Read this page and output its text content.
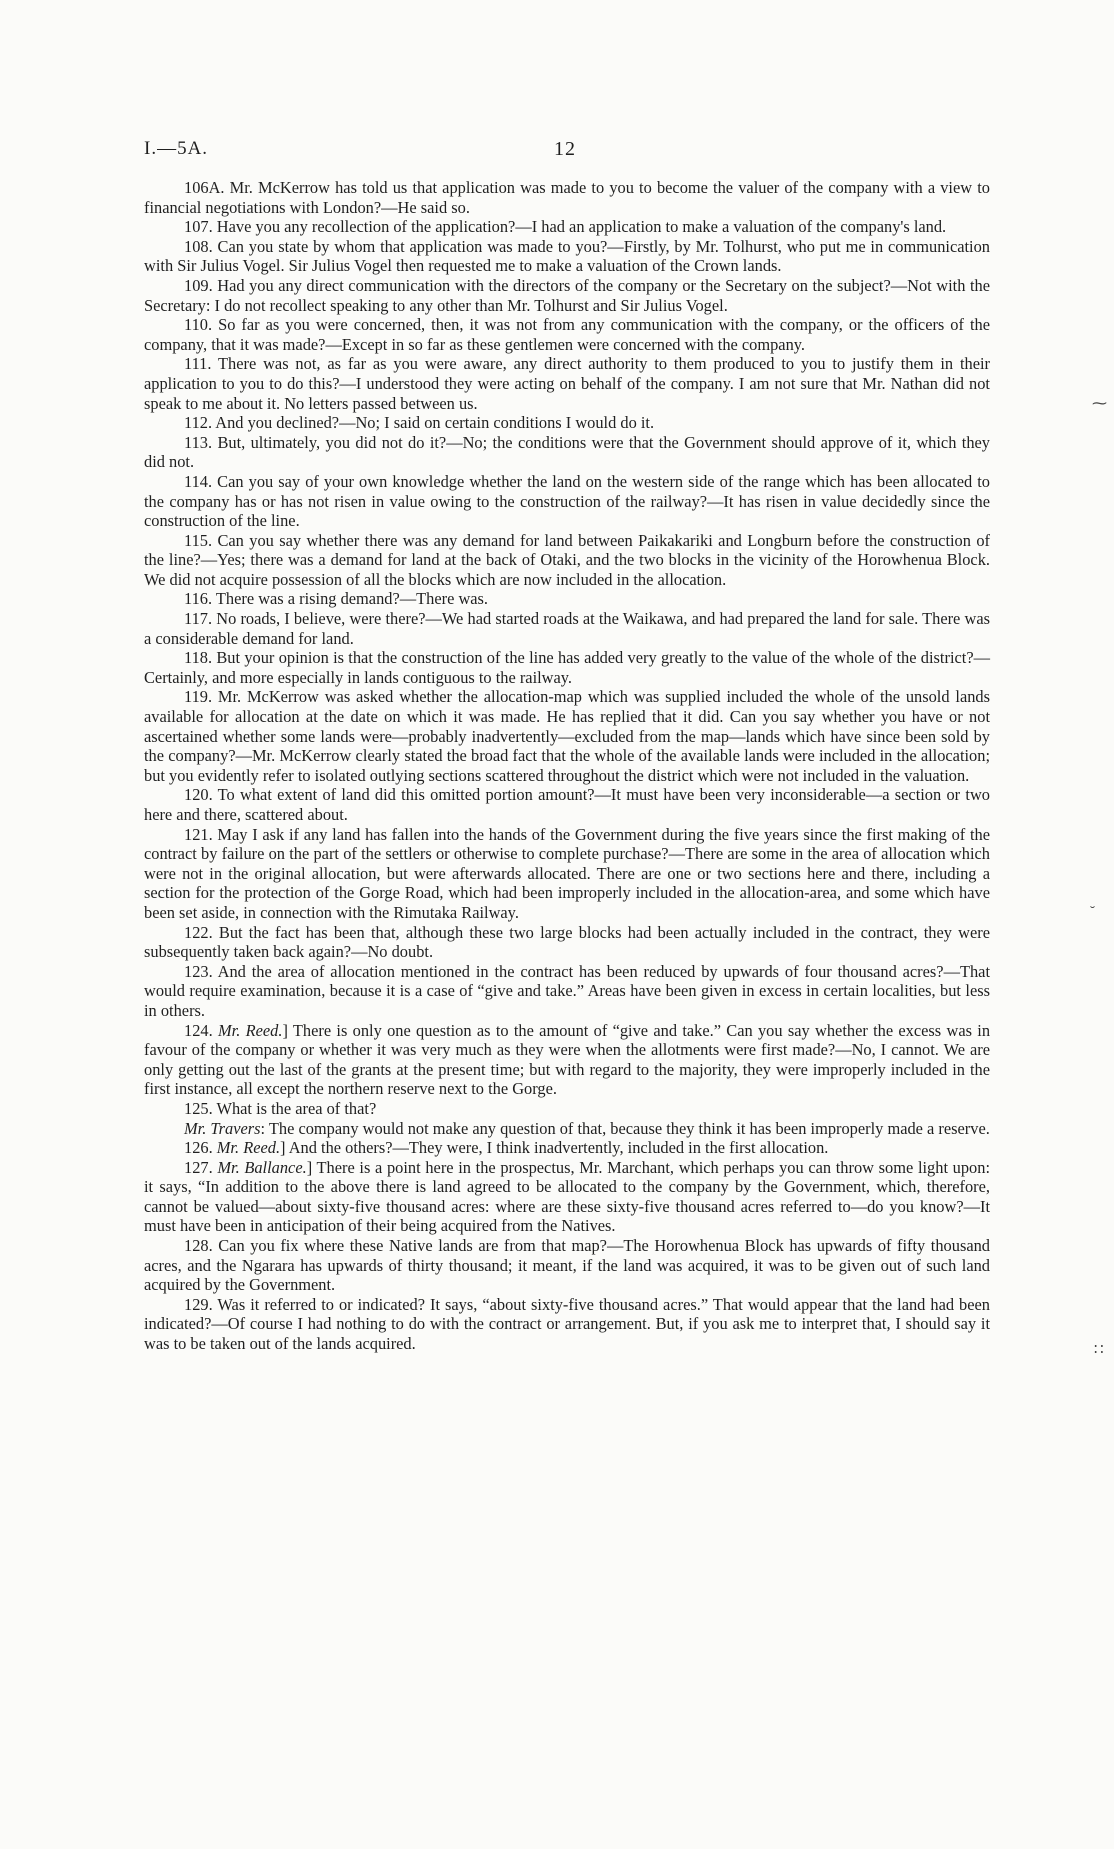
I.—5A.	12

106A. Mr. McKerrow has told us that application was made to you to become the valuer of the company with a view to financial negotiations with London?—He said so.

107. Have you any recollection of the application?—I had an application to make a valuation of the company's land.

108. Can you state by whom that application was made to you?—Firstly, by Mr. Tolhurst, who put me in communication with Sir Julius Vogel. Sir Julius Vogel then requested me to make a valuation of the Crown lands.

109. Had you any direct communication with the directors of the company or the Secretary on the subject?—Not with the Secretary: I do not recollect speaking to any other than Mr. Tolhurst and Sir Julius Vogel.

110. So far as you were concerned, then, it was not from any communication with the company, or the officers of the company, that it was made?—Except in so far as these gentlemen were concerned with the company.

111. There was not, as far as you were aware, any direct authority to them produced to you to justify them in their application to you to do this?—I understood they were acting on behalf of the company. I am not sure that Mr. Nathan did not speak to me about it. No letters passed between us.

112. And you declined?—No; I said on certain conditions I would do it.

113. But, ultimately, you did not do it?—No; the conditions were that the Government should approve of it, which they did not.

114. Can you say of your own knowledge whether the land on the western side of the range which has been allocated to the company has or has not risen in value owing to the construction of the railway?—It has risen in value decidedly since the construction of the line.

115. Can you say whether there was any demand for land between Paikakariki and Longburn before the construction of the line?—Yes; there was a demand for land at the back of Otaki, and the two blocks in the vicinity of the Horowhenua Block. We did not acquire possession of all the blocks which are now included in the allocation.

116. There was a rising demand?—There was.

117. No roads, I believe, were there?—We had started roads at the Waikawa, and had prepared the land for sale. There was a considerable demand for land.

118. But your opinion is that the construction of the line has added very greatly to the value of the whole of the district?—Certainly, and more especially in lands contiguous to the railway.

119. Mr. McKerrow was asked whether the allocation-map which was supplied included the whole of the unsold lands available for allocation at the date on which it was made. He has replied that it did. Can you say whether you have or not ascertained whether some lands were—probably inadvertently—excluded from the map—lands which have since been sold by the company?—Mr. McKerrow clearly stated the broad fact that the whole of the available lands were included in the allocation; but you evidently refer to isolated outlying sections scattered throughout the district which were not included in the valuation.

120. To what extent of land did this omitted portion amount?—It must have been very inconsiderable—a section or two here and there, scattered about.

121. May I ask if any land has fallen into the hands of the Government during the five years since the first making of the contract by failure on the part of the settlers or otherwise to complete purchase?—There are some in the area of allocation which were not in the original allocation, but were afterwards allocated. There are one or two sections here and there, including a section for the protection of the Gorge Road, which had been improperly included in the allocation-area, and some which have been set aside, in connection with the Rimutaka Railway.

122. But the fact has been that, although these two large blocks had been actually included in the contract, they were subsequently taken back again?—No doubt.

123. And the area of allocation mentioned in the contract has been reduced by upwards of four thousand acres?—That would require examination, because it is a case of “give and take.” Areas have been given in excess in certain localities, but less in others.

124. Mr. Reed.] There is only one question as to the amount of “give and take.” Can you say whether the excess was in favour of the company or whether it was very much as they were when the allotments were first made?—No, I cannot. We are only getting out the last of the grants at the present time; but with regard to the majority, they were improperly included in the first instance, all except the northern reserve next to the Gorge.

125. What is the area of that?

Mr. Travers: The company would not make any question of that, because they think it has been improperly made a reserve.

126. Mr. Reed.] And the others?—They were, I think inadvertently, included in the first allocation.

127. Mr. Ballance.] There is a point here in the prospectus, Mr. Marchant, which perhaps you can throw some light upon: it says, “In addition to the above there is land agreed to be allocated to the company by the Government, which, therefore, cannot be valued—about sixty-five thousand acres: where are these sixty-five thousand acres referred to—do you know?—It must have been in anticipation of their being acquired from the Natives.

128. Can you fix where these Native lands are from that map?—The Horowhenua Block has upwards of fifty thousand acres, and the Ngarara has upwards of thirty thousand; it meant, if the land was acquired, it was to be given out of such land acquired by the Government.

129. Was it referred to or indicated? It says, “about sixty-five thousand acres.” That would appear that the land had been indicated?—Of course I had nothing to do with the contract or arrangement. But, if you ask me to interpret that, I should say it was to be taken out of the lands acquired.

⁓
˘
∷
